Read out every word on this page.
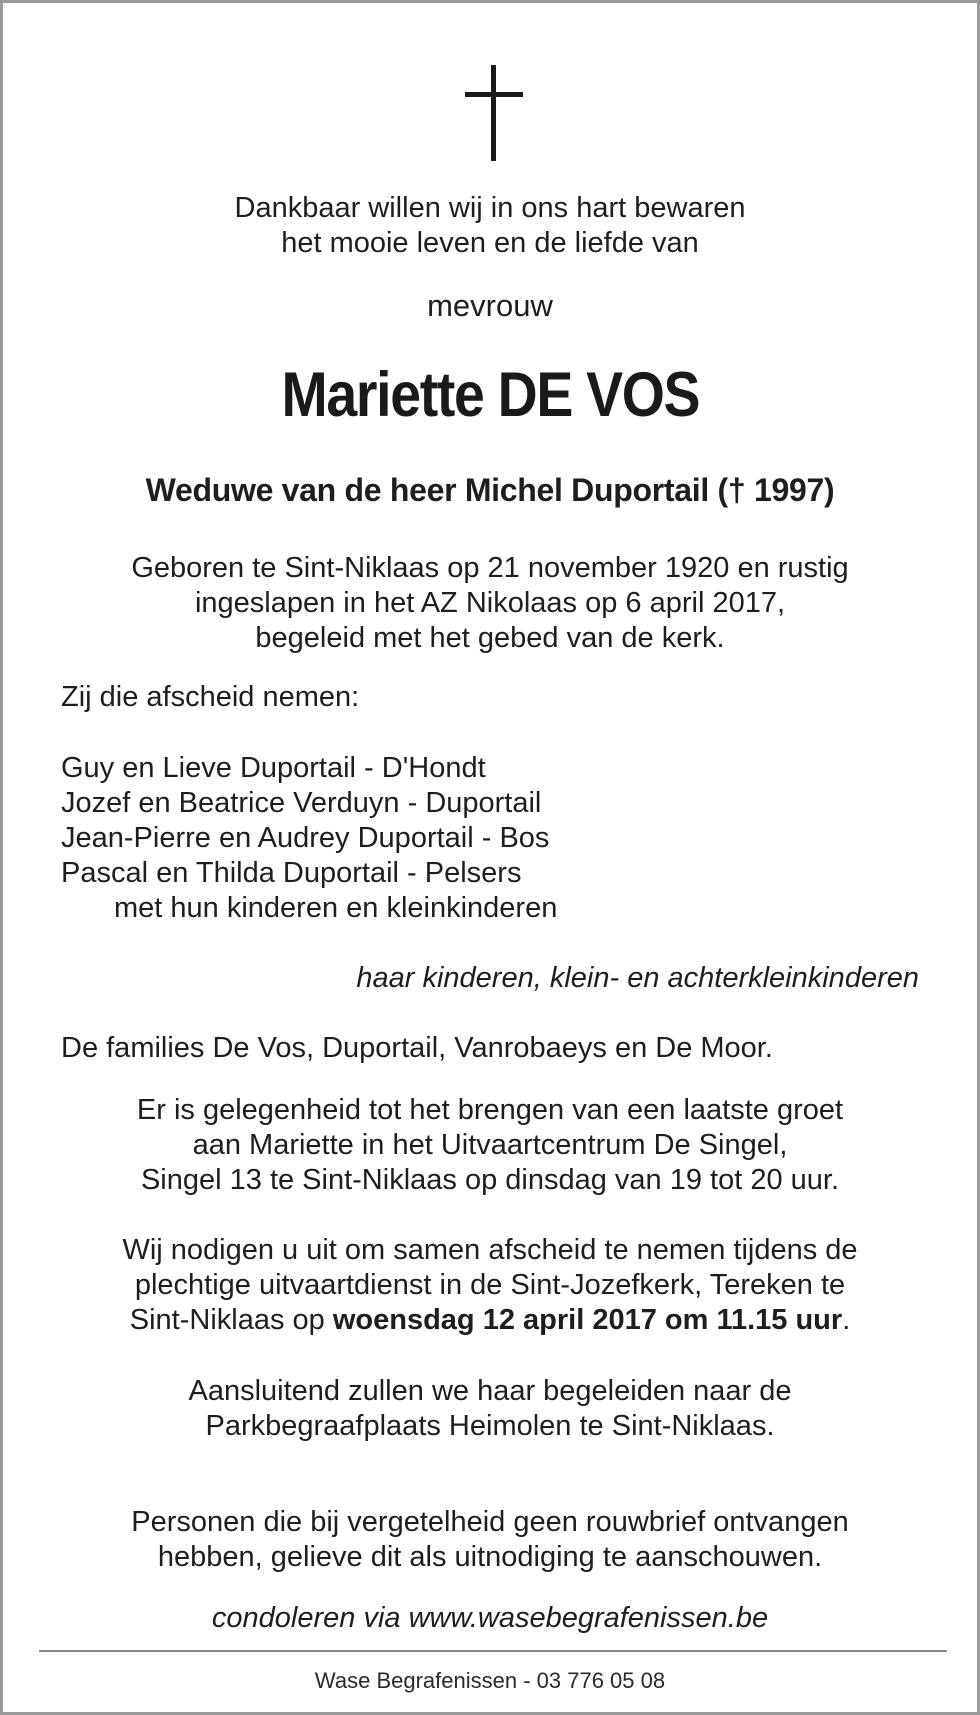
Dankbaar willen wij in ons hart bewaren
het mooie leven en de liefde van
mevrouw
Mariette DE VOS
Weduwe van de heer Michel Duportail († 1997)
Geboren te Sint-Niklaas op 21 november 1920 en rustig
ingeslapen in het AZ Nikolaas op 6 april 2017,
begeleid met het gebed van de kerk.
Zij die afscheid nemen:
Guy en Lieve Duportail - D'Hondt
Jozef en Beatrice Verduyn - Duportail
Jean-Pierre en Audrey Duportail - Bos
Pascal en Thilda Duportail - Pelsers
met hun kinderen en kleinkinderen
haar kinderen, klein- en achterkleinkinderen
De families De Vos, Duportail, Vanrobaeys en De Moor.
Er is gelegenheid tot het brengen van een laatste groet
aan Mariette in het Uitvaartcentrum De Singel,
Singel 13 te Sint-Niklaas op dinsdag van 19 tot 20 uur.
Wij nodigen u uit om samen afscheid te nemen tijdens de
plechtige uitvaartdienst in de Sint-Jozefkerk, Tereken te
Sint-Niklaas op woensdag 12 april 2017 om 11.15 uur.
Aansluitend zullen we haar begeleiden naar de
Parkbegraafplaats Heimolen te Sint-Niklaas.
Personen die bij vergetelheid geen rouwbrief ontvangen
hebben, gelieve dit als uitnodiging te aanschouwen.
condoleren via www.wasebegrafenissen.be
Wase Begrafenissen - 03 776 05 08
